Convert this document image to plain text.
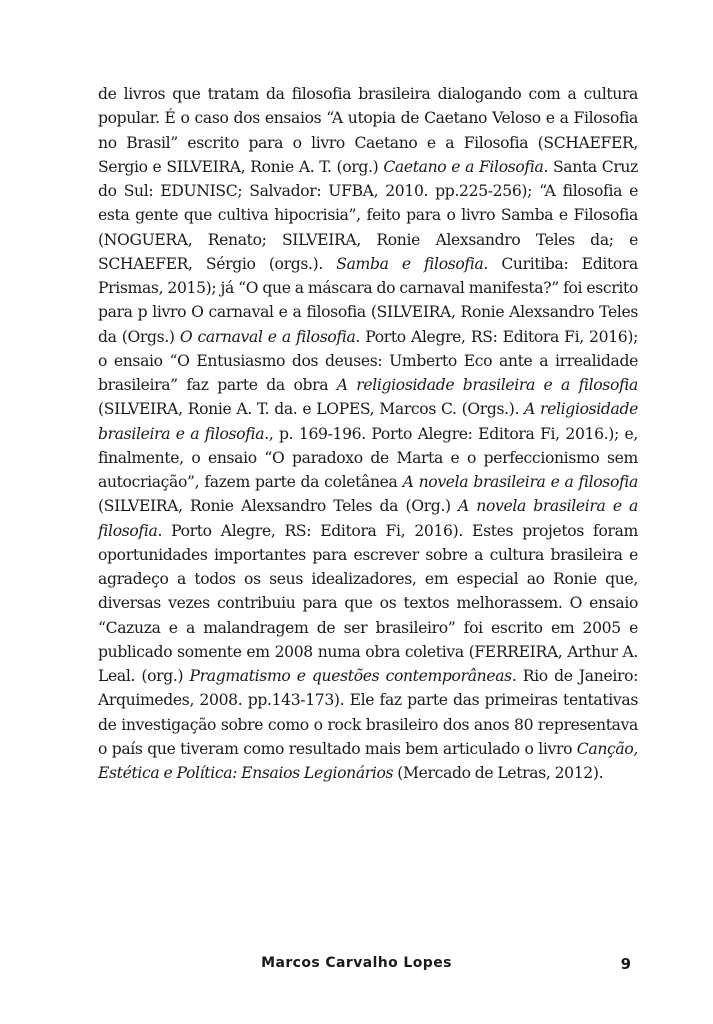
de livros que tratam da filosofia brasileira dialogando com a cultura popular. É o caso dos ensaios “A utopia de Caetano Veloso e a Filosofia no Brasil” escrito para o livro Caetano e a Filosofia (SCHAEFER, Sergio e SILVEIRA, Ronie A. T. (org.) Caetano e a Filosofia. Santa Cruz do Sul: EDUNISC; Salvador: UFBA, 2010. pp.225-256); “A filosofia e esta gente que cultiva hipocrisia”, feito para o livro Samba e Filosofia (NOGUERA, Renato; SILVEIRA, Ronie Alexsandro Teles da; e SCHAEFER, Sérgio (orgs.). Samba e filosofia. Curitiba: Editora Prismas, 2015); já “O que a máscara do carnaval manifesta?” foi escrito para p livro O carnaval e a filosofia (SILVEIRA, Ronie Alexsandro Teles da (Orgs.) O carnaval e a filosofia. Porto Alegre, RS: Editora Fi, 2016); o ensaio “O Entusiasmo dos deuses: Umberto Eco ante a irrealidade brasileira” faz parte da obra A religiosidade brasileira e a filosofia (SILVEIRA, Ronie A. T. da. e LOPES, Marcos C. (Orgs.). A religiosidade brasileira e a filosofia., p. 169-196. Porto Alegre: Editora Fi, 2016.); e, finalmente, o ensaio “O paradoxo de Marta e o perfeccionismo sem autocriação”, fazem parte da coletânea A novela brasileira e a filosofia (SILVEIRA, Ronie Alexsandro Teles da (Org.) A novela brasileira e a filosofia. Porto Alegre, RS: Editora Fi, 2016). Estes projetos foram oportunidades importantes para escrever sobre a cultura brasileira e agradeço a todos os seus idealizadores, em especial ao Ronie que, diversas vezes contribuiu para que os textos melhorassem. O ensaio “Cazuza e a malandragem de ser brasileiro” foi escrito em 2005 e publicado somente em 2008 numa obra coletiva (FERREIRA, Arthur A. Leal. (org.) Pragmatismo e questões contemporâneas. Rio de Janeiro: Arquimedes, 2008. pp.143-173). Ele faz parte das primeiras tentativas de investigação sobre como o rock brasileiro dos anos 80 representava o país que tiveram como resultado mais bem articulado o livro Canção, Estética e Política: Ensaios Legionários (Mercado de Letras, 2012).

Marcos Carvalho Lopes	9
